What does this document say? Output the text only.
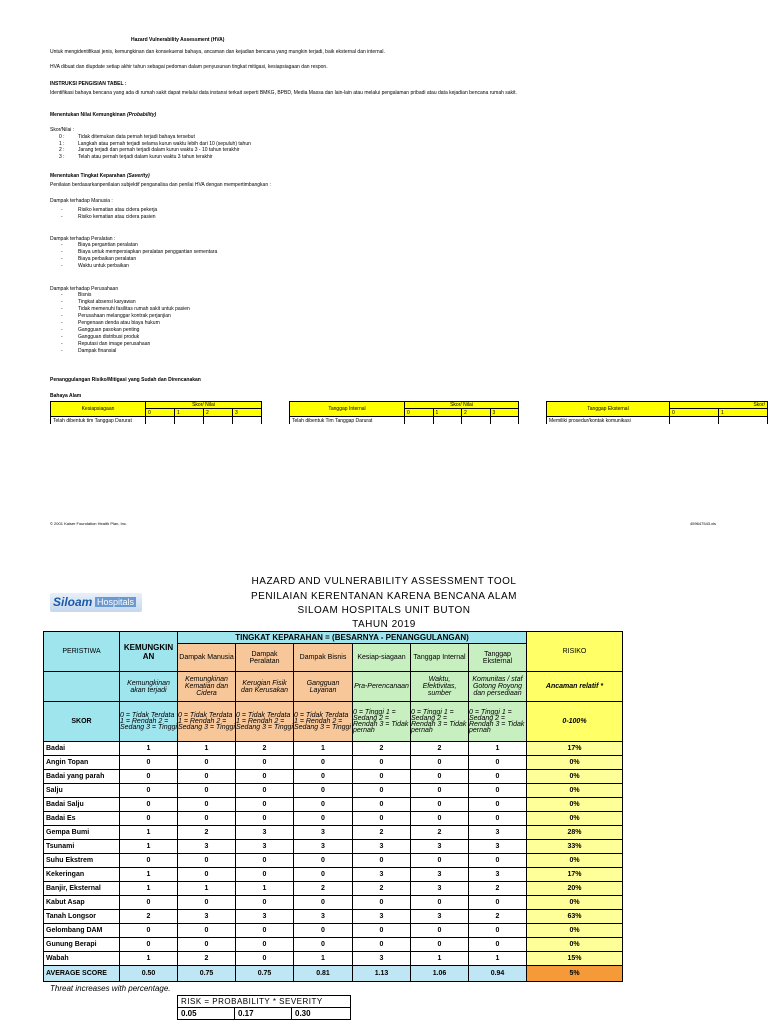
Hazard Vulnerability Assessment (HVA)
Untuk mengidentifikasi jenis, kemungkinan dan konsekuensi bahaya, ancaman dan kejadian bencana yang mungkin terjadi, baik eksternal dan internal.
HVA dibuat dan diupdate setiap akhir tahun sebagai pedoman dalam penyusunan tingkat mitigasi, kesiapsiagaan dan respon.
INSTRUKSI PENGISIAN TABEL :
Identifikasi bahaya bencana yang ada di rumah sakit dapat melalui data instansi terkait seperti BMKG, BPBD, Media Massa dan lain-lain atau melalui pengalaman pribadi atau data kejadian bencana rumah sakit.
Menentukan Nilai Kemungkinan (Probability)
Skor/Nilai :
0 :	Tidak ditemukan data pernah terjadi bahaya tersebut
1 :	Langkah atau pernah terjadi selama kurun waktu lebih dari 10 (sepuluh) tahun
2 :	Jarang terjadi dan pernah terjadi dalam kurun waktu 3 - 10 tahun terakhir
3 :	Telah atau pernah terjadi dalam kurun waktu 3 tahun terakhir
Menentukan Tingkat Keparahan (Saverity)
Penilaian berdasarkanpenilaian subjektif penganalisa dan penilai HVA dengan mempertimbangkan :
Dampak terhadap Manusia :
-	Risiko kematian atau cidera pekerja
-	Risiko kematian atau cidera pasien
Dampak terhadap Peralatan :
-	Biaya pergantian peralatan
-	Biaya untuk mempersiapkan peralatan penggantian sementara
-	Biaya perbaikan peralatan
-	Waktu untuk perbaikan
Dampak terhadap Perusahaan
-	Bisnis
-	Tingkat absensi karyawan
-	Tidak memenuhi fasilitas rumah sakit untuk pasien
-	Perusahaan melanggar kontrak perjanjian
-	Pengenaan denda atau biaya hukum
-	Gangguan pasokan penting
-	Gangguan distribusi produk
-	Reputasi dan image perusahaan
-	Dampak finansial
Penanggulangan Risiko/Mitigasi yang Sudah dan Direncanakan
Bahaya Alam
Kesiapsiagaan	Skor/ Nilai			
	0	1	2	3
Telah dibentuk tim Tanggap Darurat				
Tanggap Internal	Skor/ Nilai			
	0	1	2	3
Telah dibentuk Tim Tanggap Darurat				
Tanggap Eksternal	Skor/	
	0	1
Memiliki prosedur/kontak komunikasi		
© 2001 Kaiser Foundation Health Plan, Inc.	459647543.xls
Siloam Hospitals
HAZARD AND VULNERABILITY ASSESSMENT TOOL
PENILAIAN KERENTANAN KARENA BENCANA ALAM
SILOAM HOSPITALS UNIT BUTON
TAHUN 2019
PERISTIWA	KEMUNGKIN AN	TINGKAT KEPARAHAN = (BESARNYA - PENANGGULANGAN)						RISIKO
		Dampak Manusia	Dampak Peralatan	Dampak Bisnis	Kesiap-siagaan	Tanggap Internal	Tanggap Eksternal	
	Kemungkinan akan terjadi	Kemungkinan Kematian dan Cidera	Kerugian Fisik dan Kerusakan	Gangguan Layanan	Pra-Perencanaan	Waktu, Efektivitas, sumber	Komunitas / staf Gotong Royong dan persediaan	Ancaman relatif *
SKOR	0 = Tidak Terdata 1 = Rendah 2 = Sedang 3 = Tinggi	0 = Tidak Terdata 1 = Rendah 2 = Sedang 3 = Tinggi	0 = Tidak Terdata 1 = Rendah 2 = Sedang 3 = Tinggi	0 = Tidak Terdata 1 = Rendah 2 = Sedang 3 = Tinggi	0 = Tinggi 1 = Sedang 2 = Rendah 3 = Tidak pernah	0 = Tinggi 1 = Sedang 2 = Rendah 3 = Tidak pernah	0 = Tinggi 1 = Sedang 2 = Rendah 3 = Tidak pernah	0-100%
Badai	1	1	2	1	2	2	1	17%
Angin Topan	0	0	0	0	0	0	0	0%
Badai yang parah	0	0	0	0	0	0	0	0%
Salju	0	0	0	0	0	0	0	0%
Badai Salju	0	0	0	0	0	0	0	0%
Badai Es	0	0	0	0	0	0	0	0%
Gempa Bumi	1	2	3	3	2	2	3	28%
Tsunami	1	3	3	3	3	3	3	33%
Suhu Ekstrem	0	0	0	0	0	0	0	0%
Kekeringan	1	0	0	0	3	3	3	17%
Banjir, Eksternal	1	1	1	2	2	3	2	20%
Kabut Asap	0	0	0	0	0	0	0	0%
Tanah Longsor	2	3	3	3	3	3	2	63%
Gelombang DAM	0	0	0	0	0	0	0	0%
Gunung Berapi	0	0	0	0	0	0	0	0%
Wabah	1	2	0	1	3	1	1	15%
AVERAGE SCORE	0.50	0.75	0.75	0.81	1.13	1.06	0.94	5%
Threat increases with percentage.
RISK = PROBABILITY * SEVERITY
0.05	0.17	0.30
